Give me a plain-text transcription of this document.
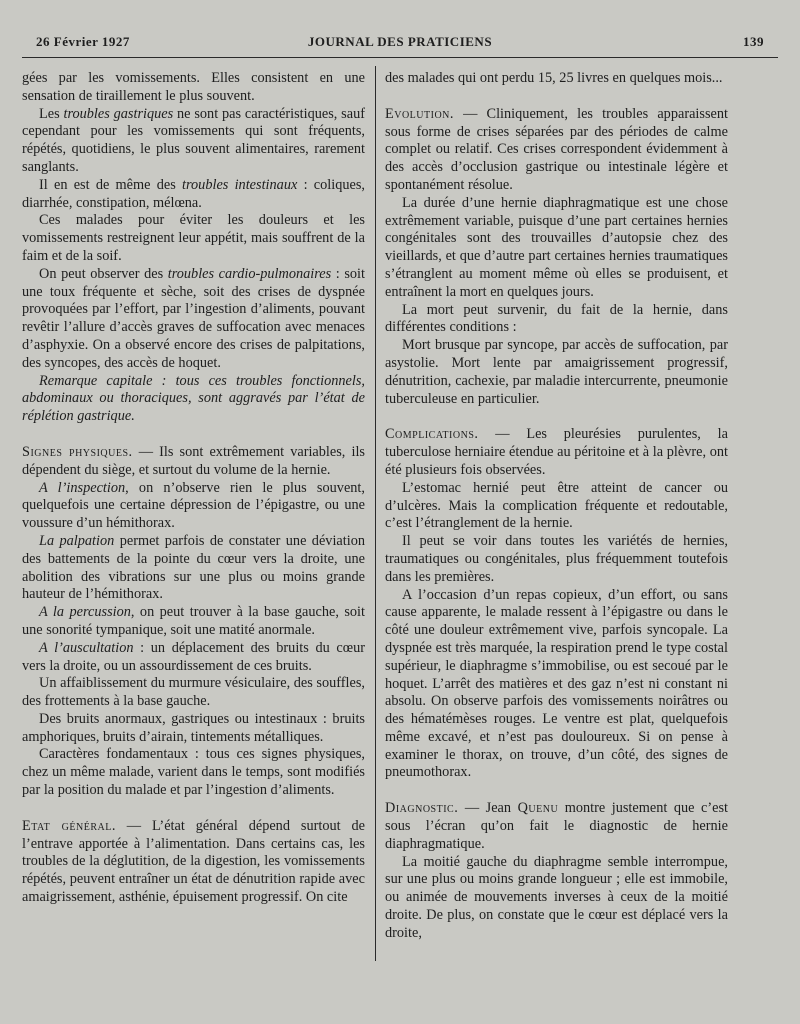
26 Février 1927	JOURNAL DES PRATICIENS	139

gées par les vomissements. Elles consistent en une sensation de tiraillement le plus souvent.

Les troubles gastriques ne sont pas caractéristiques, sauf cependant pour les vomissements qui sont fréquents, répétés, quotidiens, le plus souvent alimentaires, rarement sanglants.

Il en est de même des troubles intestinaux : coliques, diarrhée, constipation, mélœna.

Ces malades pour éviter les douleurs et les vomissements restreignent leur appétit, mais souffrent de la faim et de la soif.

On peut observer des troubles cardio-pulmonaires : soit une toux fréquente et sèche, soit des crises de dyspnée provoquées par l’effort, par l’ingestion d’aliments, pouvant revêtir l’allure d’accès graves de suffocation avec menaces d’asphyxie. On a observé encore des crises de palpitations, des syncopes, des accès de hoquet.

Remarque capitale : tous ces troubles fonctionnels, abdominaux ou thoraciques, sont aggravés par l’état de réplétion gastrique.

Signes physiques. — Ils sont extrêmement variables, ils dépendent du siège, et surtout du volume de la hernie.

A l’inspection, on n’observe rien le plus souvent, quelquefois une certaine dépression de l’épigastre, ou une voussure d’un hémithorax.

La palpation permet parfois de constater une déviation des battements de la pointe du cœur vers la droite, une abolition des vibrations sur une plus ou moins grande hauteur de l’hémithorax.

A la percussion, on peut trouver à la base gauche, soit une sonorité tympanique, soit une matité anormale.

A l’auscultation : un déplacement des bruits du cœur vers la droite, ou un assourdissement de ces bruits.

Un affaiblissement du murmure vésiculaire, des souffles, des frottements à la base gauche.

Des bruits anormaux, gastriques ou intestinaux : bruits amphoriques, bruits d’airain, tintements métalliques.

Caractères fondamentaux : tous ces signes physiques, chez un même malade, varient dans le temps, sont modifiés par la position du malade et par l’ingestion d’aliments.

Etat général. — L’état général dépend surtout de l’entrave apportée à l’alimentation. Dans certains cas, les troubles de la déglutition, de la digestion, les vomissements répétés, peuvent entraîner un état de dénutrition rapide avec amaigrissement, asthénie, épuisement progressif. On cite

des malades qui ont perdu 15, 25 livres en quelques mois...

Evolution. — Cliniquement, les troubles apparaissent sous forme de crises séparées par des périodes de calme complet ou relatif. Ces crises correspondent évidemment à des accès d’occlusion gastrique ou intestinale légère et spontanément résolue.

La durée d’une hernie diaphragmatique est une chose extrêmement variable, puisque d’une part certaines hernies congénitales sont des trouvailles d’autopsie chez des vieillards, et que d’autre part certaines hernies traumatiques s’étranglent au moment même où elles se produisent, et entraînent la mort en quelques jours.

La mort peut survenir, du fait de la hernie, dans différentes conditions :

Mort brusque par syncope, par accès de suffocation, par asystolie. Mort lente par amaigrissement progressif, dénutrition, cachexie, par maladie intercurrente, pneumonie tuberculeuse en particulier.

Complications. — Les pleurésies purulentes, la tuberculose herniaire étendue au péritoine et à la plèvre, ont été plusieurs fois observées.

L’estomac hernié peut être atteint de cancer ou d’ulcères. Mais la complication fréquente et redoutable, c’est l’étranglement de la hernie.

Il peut se voir dans toutes les variétés de hernies, traumatiques ou congénitales, plus fréquemment toutefois dans les premières.

A l’occasion d’un repas copieux, d’un effort, ou sans cause apparente, le malade ressent à l’épigastre ou dans le côté une douleur extrêmement vive, parfois syncopale. La dyspnée est très marquée, la respiration prend le type costal supérieur, le diaphragme s’immobilise, ou est secoué par le hoquet. L’arrêt des matières et des gaz n’est ni constant ni absolu. On observe parfois des vomissements noirâtres ou des hématémèses rouges. Le ventre est plat, quelquefois même excavé, et n’est pas douloureux. Si on pense à examiner le thorax, on trouve, d’un côté, des signes de pneumothorax.

Diagnostic. — Jean Quenu montre justement que c’est sous l’écran qu’on fait le diagnostic de hernie diaphragmatique.

La moitié gauche du diaphragme semble interrompue, sur une plus ou moins grande longueur ; elle est immobile, ou animée de mouvements inverses à ceux de la moitié droite. De plus, on constate que le cœur est déplacé vers la droite,
